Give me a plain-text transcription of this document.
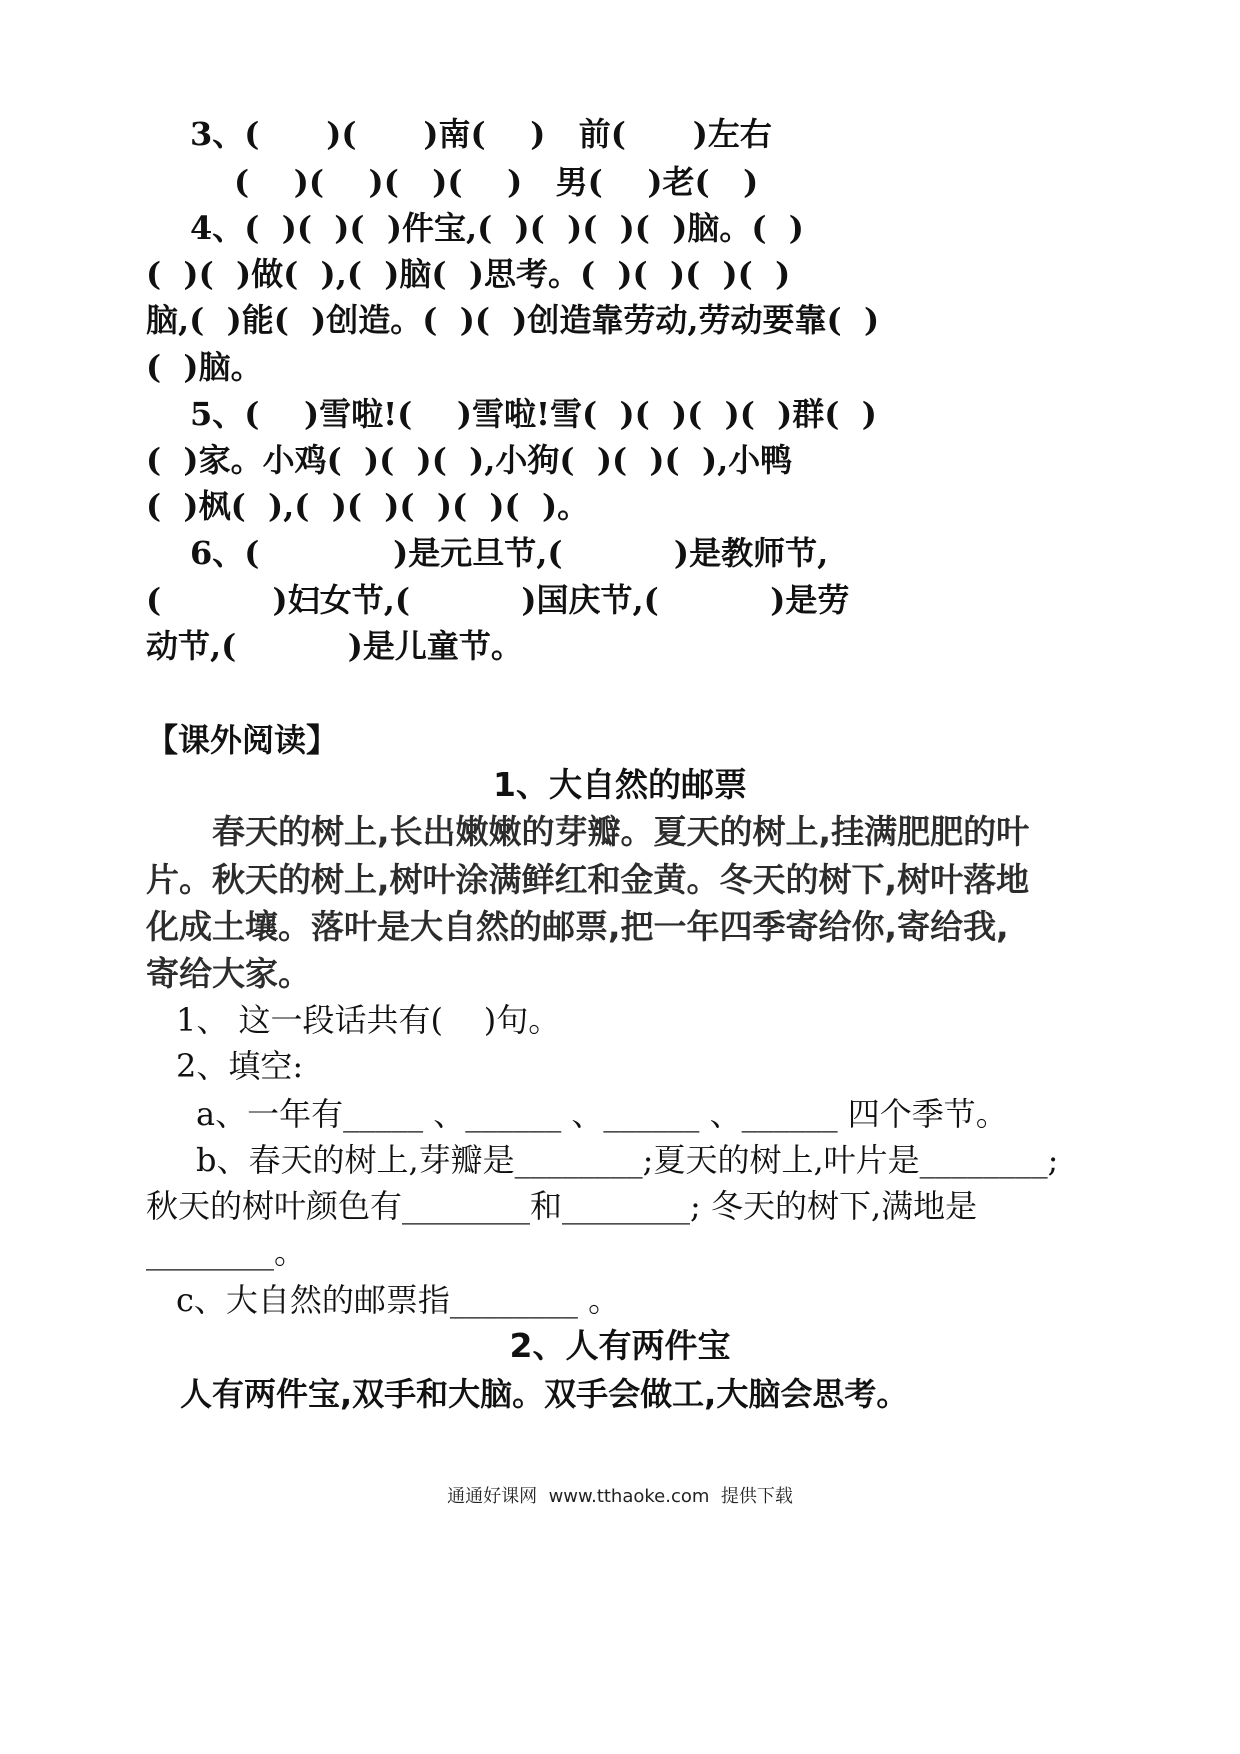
3、(      )(      )南(    )   前(      )左右
(    )(    )(   )(    )   男(    )老(   )
4、(  )(  )(  )件宝,(  )(  )(  )(  )脑。(  )
(  )(  )做(  ),(  )脑(  )思考。(  )(  )(  )(  )
脑,(  )能(  )创造。(  )(  )创造靠劳动,劳动要靠(  )
(  )脑。
5、(    )雪啦!(    )雪啦!雪(  )(  )(  )(  )群(  )
(  )家。小鸡(  )(  )(  ),小狗(  )(  )(  ),小鸭
(  )枫(  ),(  )(  )(  )(  )(  )。
6、(            )是元旦节,(          )是教师节,
(          )妇女节,(          )国庆节,(          )是劳
动节,(          )是儿童节。
【课外阅读】
1、大自然的邮票
春天的树上,长出嫩嫩的芽瓣。夏天的树上,挂满肥肥的叶
片。秋天的树上,树叶涂满鲜红和金黄。冬天的树下,树叶落地
化成土壤。落叶是大自然的邮票,把一年四季寄给你,寄给我,
寄给大家。
1、 这一段话共有(    )句。
2、填空:
a、一年有_____ 、______ 、______ 、______ 四个季节。
b、春天的树上,芽瓣是________;夏天的树上,叶片是________;
秋天的树叶颜色有________和________; 冬天的树下,满地是
________。
c、大自然的邮票指________ 。
2、人有两件宝
人有两件宝,双手和大脑。双手会做工,大脑会思考。
通通好课网  www.tthaoke.com  提供下载
